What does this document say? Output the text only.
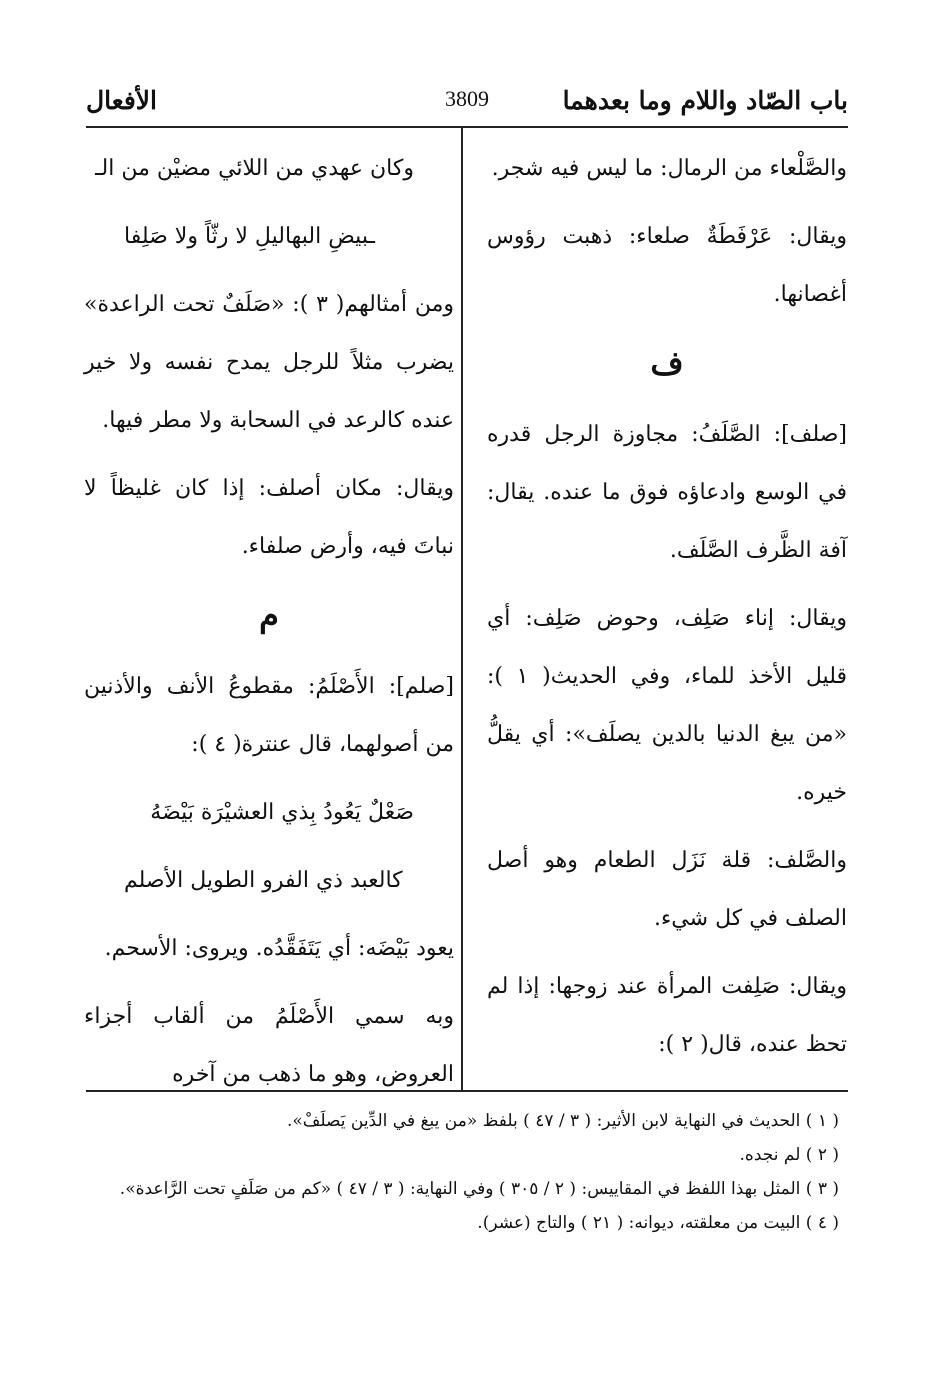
باب الصّاد واللام وما بعدهما
3809
الأفعال

والصَّلْعاء من الرمال: ما ليس فيه شجر.

ويقال: عَرْفَطَةٌ صلعاء: ذهبت رؤوس أغصانها.

ف

[صلف]: الصَّلَفُ: مجاوزة الرجل قدره في الوسع وادعاؤه فوق ما عنده. يقال: آفة الظَّرف الصَّلَف.

ويقال: إناء صَلِف، وحوض صَلِف: أي قليل الأخذ للماء، وفي الحديث( ١ ): «من يبغ الدنيا بالدين يصلَف»: أي يقلُّ خيره.

والصَّلف: قلة نَزَل الطعام وهو أصل الصلف في كل شيء.

ويقال: صَلِفت المرأة عند زوجها: إذا لم تحظ عنده، قال( ٢ ):

وكان عهدي من اللائي مضيْن من الـ

ـبيضِ البهاليلِ لا رثّاً ولا صَلِفا

ومن أمثالهم( ٣ ): «صَلَفٌ تحت الراعدة» يضرب مثلاً للرجل يمدح نفسه ولا خير عنده كالرعد في السحابة ولا مطر فيها.

ويقال: مكان أصلف: إذا كان غليظاً لا نباتَ فيه، وأرض صلفاء.

م

[صلم]: الأَصْلَمُ: مقطوعُ الأنف والأذنين من أصولهما، قال عنترة( ٤ ):

صَعْلٌ يَعُودُ بِذي العشيْرَة بَيْضَهُ

كالعبد ذي الفرو الطويل الأصلم

يعود بَيْضَه: أي يَتَفَقَّدُه. ويروى: الأسحم.

وبه سمي الأَصْلَمُ من ألقاب أجزاء العروض، وهو ما ذهب من آخره

( ١ ) الحديث في النهاية لابن الأثير: ( ٣ / ٤٧ ) بلفظ «من يبغ في الدِّين يَصلَفْ».
( ٢ ) لم نجده.
( ٣ ) المثل بهذا اللفظ في المقاييس: ( ٢ / ٣٠٥ ) وفي النهاية: ( ٣ / ٤٧ ) «كم من صَلَفٍ تحت الرَّاعدة».
( ٤ ) البيت من معلقته، ديوانه: ( ٢١ ) والتاج (عشر).
